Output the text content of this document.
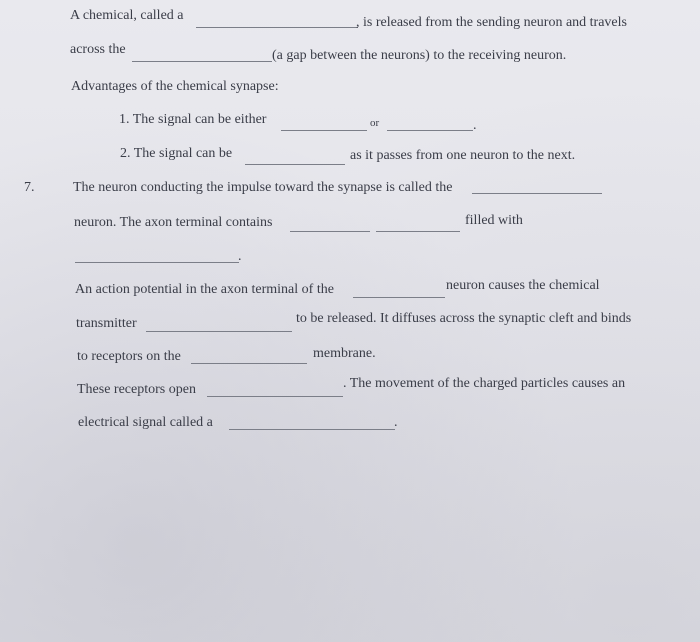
A chemical, called a	, is released from the sending neuron and travels
across the	(a gap between the neurons) to the receiving neuron.
Advantages of the chemical synapse:
1. The signal can be either	or	.
2. The signal can be	as it passes from one neuron to the next.
7.	The neuron conducting the impulse toward the synapse is called the
neuron. The axon terminal contains	filled with
.
An action potential in the axon terminal of the	neuron causes the chemical
transmitter	to be released. It diffuses across the synaptic cleft and binds
to receptors on the	membrane.
These receptors open	. The movement of the charged particles causes an
electrical signal called a	.
